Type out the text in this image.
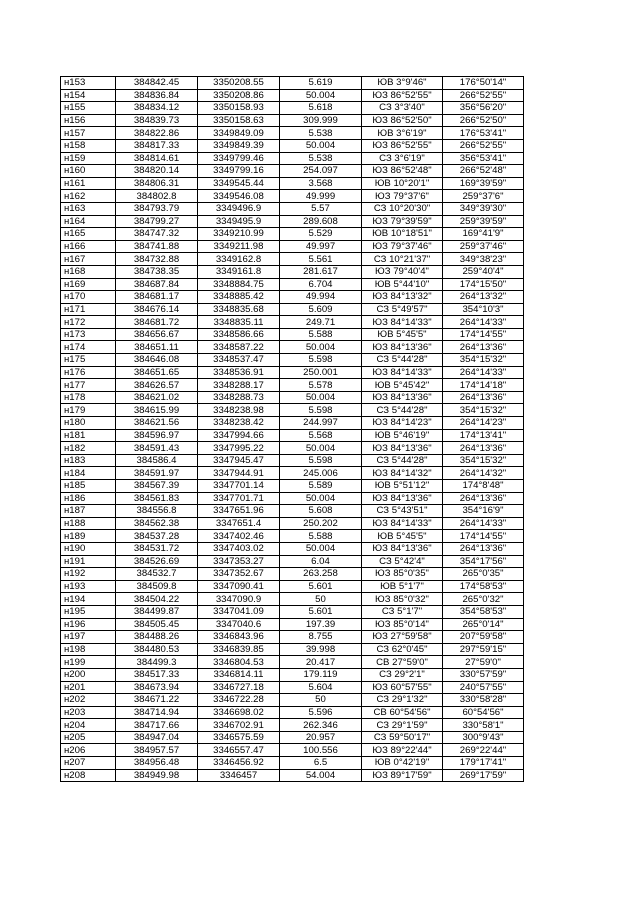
н153	384842.45	3350208.55	5.619	ЮВ 3°9'46"	176°50'14"
н154	384836.84	3350208.86	50.004	ЮЗ 86°52'55"	266°52'55"
н155	384834.12	3350158.93	5.618	СЗ 3°3'40"	356°56'20"
н156	384839.73	3350158.63	309.999	ЮЗ 86°52'50"	266°52'50"
н157	384822.86	3349849.09	5.538	ЮВ 3°6'19"	176°53'41"
н158	384817.33	3349849.39	50.004	ЮЗ 86°52'55"	266°52'55"
н159	384814.61	3349799.46	5.538	СЗ 3°6'19"	356°53'41"
н160	384820.14	3349799.16	254.097	ЮЗ 86°52'48"	266°52'48"
н161	384806.31	3349545.44	3.568	ЮВ 10°20'1"	169°39'59"
н162	384802.8	3349546.08	49.999	ЮЗ 79°37'6"	259°37'6"
н163	384793.79	3349496.9	5.57	СЗ 10°20'30"	349°39'30"
н164	384799.27	3349495.9	289.608	ЮЗ 79°39'59"	259°39'59"
н165	384747.32	3349210.99	5.529	ЮВ 10°18'51"	169°41'9"
н166	384741.88	3349211.98	49.997	ЮЗ 79°37'46"	259°37'46"
н167	384732.88	3349162.8	5.561	СЗ 10°21'37"	349°38'23"
н168	384738.35	3349161.8	281.617	ЮЗ 79°40'4"	259°40'4"
н169	384687.84	3348884.75	6.704	ЮВ 5°44'10"	174°15'50"
н170	384681.17	3348885.42	49.994	ЮЗ 84°13'32"	264°13'32"
н171	384676.14	3348835.68	5.609	СЗ 5°49'57"	354°10'3"
н172	384681.72	3348835.11	249.71	ЮЗ 84°14'33"	264°14'33"
н173	384656.67	3348586.66	5.588	ЮВ 5°45'5"	174°14'55"
н174	384651.11	3348587.22	50.004	ЮЗ 84°13'36"	264°13'36"
н175	384646.08	3348537.47	5.598	СЗ 5°44'28"	354°15'32"
н176	384651.65	3348536.91	250.001	ЮЗ 84°14'33"	264°14'33"
н177	384626.57	3348288.17	5.578	ЮВ 5°45'42"	174°14'18"
н178	384621.02	3348288.73	50.004	ЮЗ 84°13'36"	264°13'36"
н179	384615.99	3348238.98	5.598	СЗ 5°44'28"	354°15'32"
н180	384621.56	3348238.42	244.997	ЮЗ 84°14'23"	264°14'23"
н181	384596.97	3347994.66	5.568	ЮВ 5°46'19"	174°13'41"
н182	384591.43	3347995.22	50.004	ЮЗ 84°13'36"	264°13'36"
н183	384586.4	3347945.47	5.598	СЗ 5°44'28"	354°15'32"
н184	384591.97	3347944.91	245.006	ЮЗ 84°14'32"	264°14'32"
н185	384567.39	3347701.14	5.589	ЮВ 5°51'12"	174°8'48"
н186	384561.83	3347701.71	50.004	ЮЗ 84°13'36"	264°13'36"
н187	384556.8	3347651.96	5.608	СЗ 5°43'51"	354°16'9"
н188	384562.38	3347651.4	250.202	ЮЗ 84°14'33"	264°14'33"
н189	384537.28	3347402.46	5.588	ЮВ 5°45'5"	174°14'55"
н190	384531.72	3347403.02	50.004	ЮЗ 84°13'36"	264°13'36"
н191	384526.69	3347353.27	6.04	СЗ 5°42'4"	354°17'56"
н192	384532.7	3347352.67	263.258	ЮЗ 85°0'35"	265°0'35"
н193	384509.8	3347090.41	5.601	ЮВ 5°1'7"	174°58'53"
н194	384504.22	3347090.9	50	ЮЗ 85°0'32"	265°0'32"
н195	384499.87	3347041.09	5.601	СЗ 5°1'7"	354°58'53"
н196	384505.45	3347040.6	197.39	ЮЗ 85°0'14"	265°0'14"
н197	384488.26	3346843.96	8.755	ЮЗ 27°59'58"	207°59'58"
н198	384480.53	3346839.85	39.998	СЗ 62°0'45"	297°59'15"
н199	384499.3	3346804.53	20.417	СВ 27°59'0"	27°59'0"
н200	384517.33	3346814.11	179.119	СЗ 29°2'1"	330°57'59"
н201	384673.94	3346727.18	5.604	ЮЗ 60°57'55"	240°57'55"
н202	384671.22	3346722.28	50	СЗ 29°1'32"	330°58'28"
н203	384714.94	3346698.02	5.596	СВ 60°54'56"	60°54'56"
н204	384717.66	3346702.91	262.346	СЗ 29°1'59"	330°58'1"
н205	384947.04	3346575.59	20.957	СЗ 59°50'17"	300°9'43"
н206	384957.57	3346557.47	100.556	ЮЗ 89°22'44"	269°22'44"
н207	384956.48	3346456.92	6.5	ЮВ 0°42'19"	179°17'41"
н208	384949.98	3346457	54.004	ЮЗ 89°17'59"	269°17'59"
